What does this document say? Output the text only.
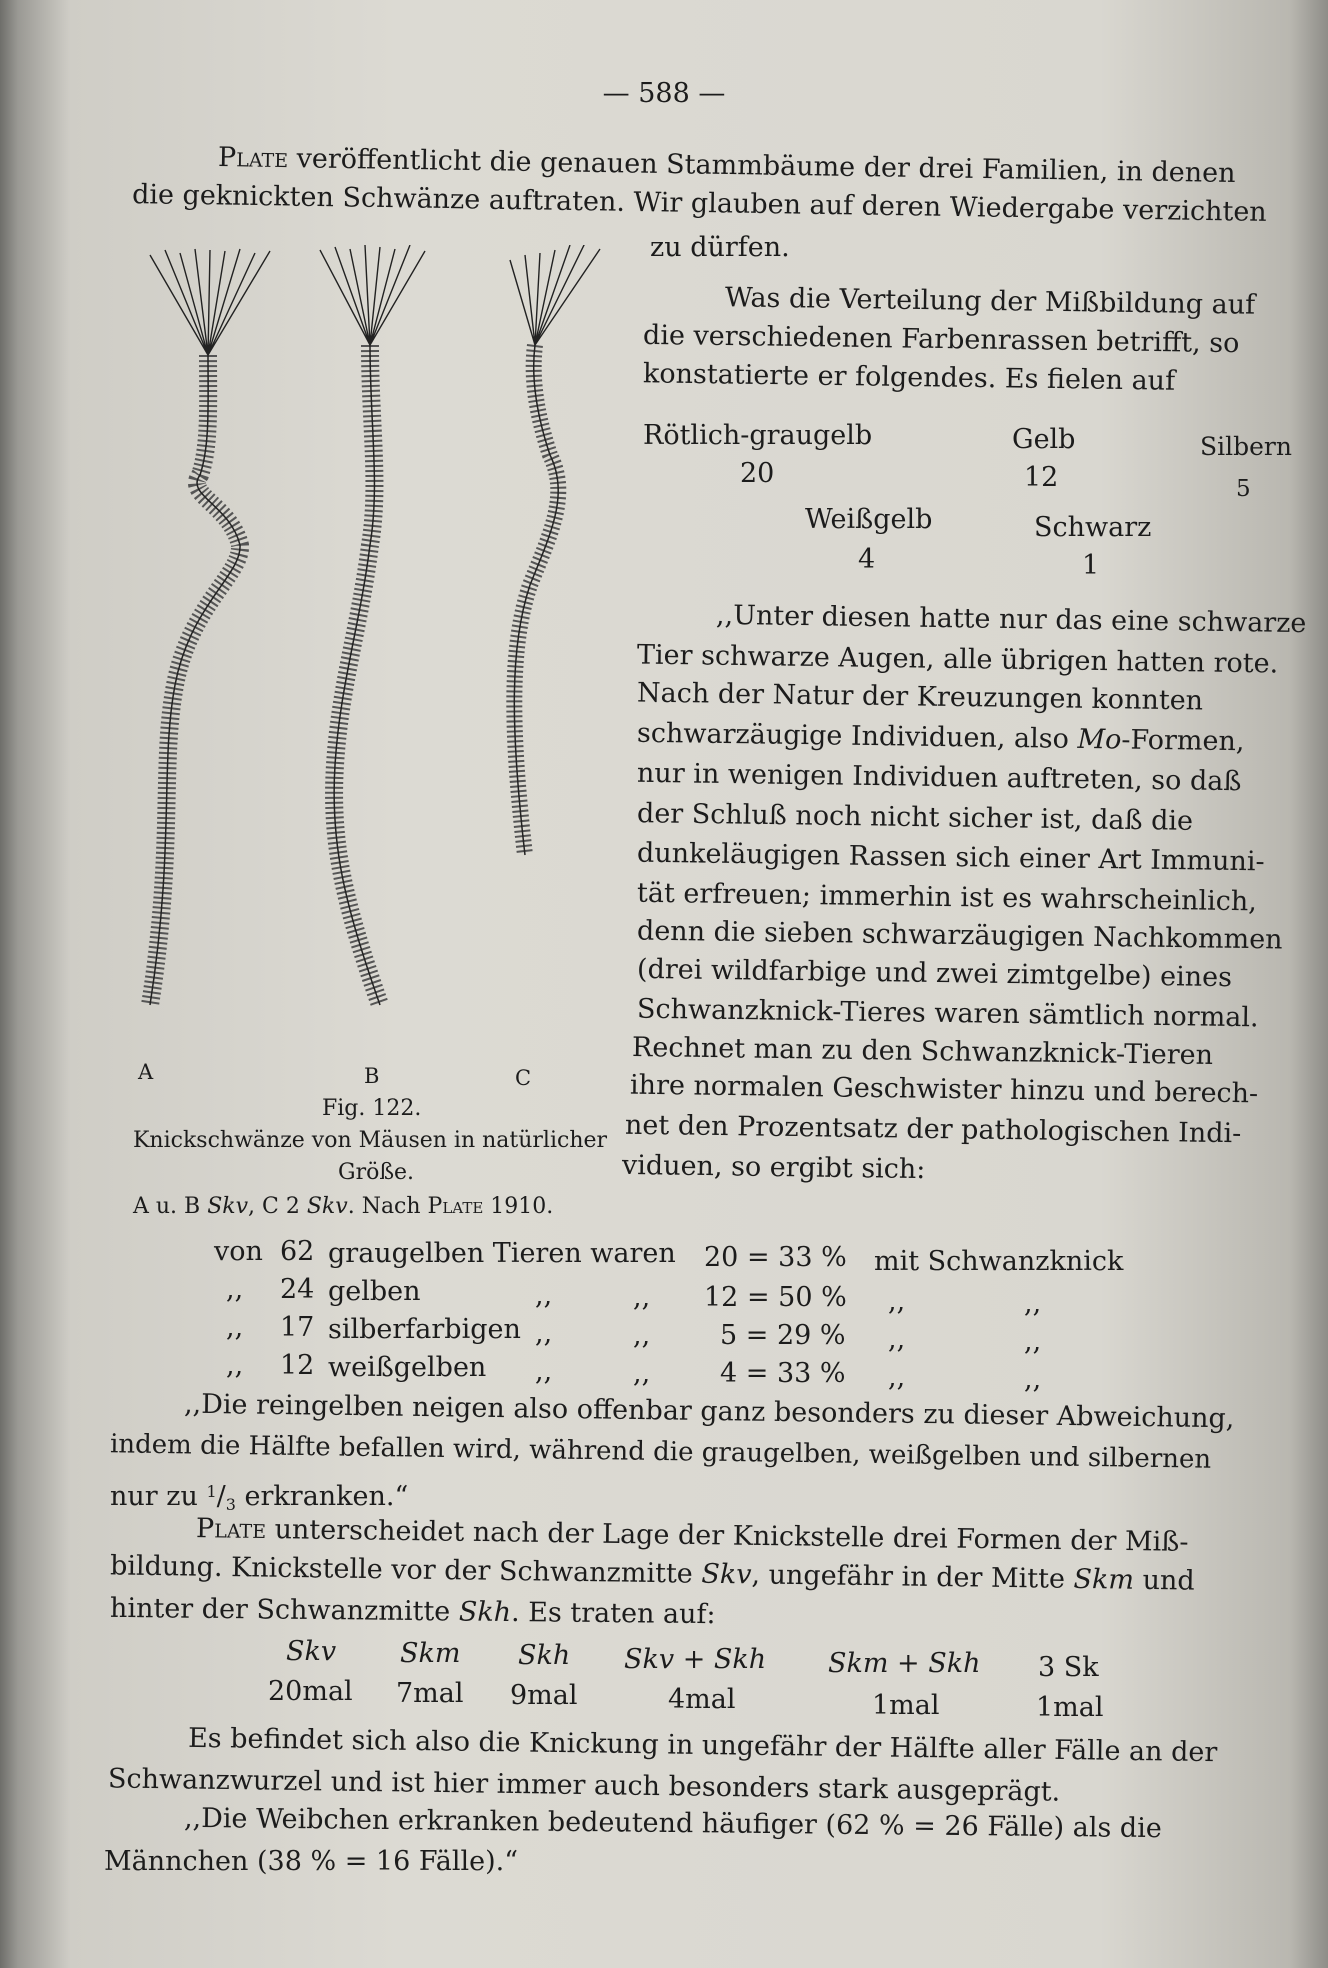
— 588 —
Plate veröffentlicht die genauen Stammbäume der drei Familien, in denen
die geknickten Schwänze auftraten. Wir glauben auf deren Wiedergabe verzichten
zu dürfen.
Was die Verteilung der Mißbildung auf
die verschiedenen Farbenrassen betrifft, so
konstatierte er folgendes. Es fielen auf
Rötlich-graugelb
20
Gelb
12
Silbern
5
Weißgelb
4
Schwarz
1
,,Unter diesen hatte nur das eine schwarze
Tier schwarze Augen, alle übrigen hatten rote.
Nach der Natur der Kreuzungen konnten
schwarzäugige Individuen, also Mo-Formen,
nur in wenigen Individuen auftreten, so daß
der Schluß noch nicht sicher ist, daß die
dunkeläugigen Rassen sich einer Art Immuni-
tät erfreuen; immerhin ist es wahrscheinlich,
denn die sieben schwarzäugigen Nachkommen
(drei wildfarbige und zwei zimtgelbe) eines
Schwanzknick-Tieres waren sämtlich normal.
Rechnet man zu den Schwanzknick-Tieren
ihre normalen Geschwister hinzu und berech-
net den Prozentsatz der pathologischen Indi-
viduen, so ergibt sich:
A	B	C
Fig. 122.
Knickschwänze von Mäusen in natürlicher
Größe.
A u. B Skv, C 2 Skv. Nach Plate 1910.
von 62 graugelben Tieren waren 20 = 33 % mit Schwanzknick
,, 24 gelben	,,	,, 12 = 50 % ,,	,,
,, 17 silberfarbigen ,,	,,	5 = 29 % ,,	,,
,, 12 weißgelben ,,	,,	4 = 33 % ,,	,,
,,Die reingelben neigen also offenbar ganz besonders zu dieser Abweichung,
indem die Hälfte befallen wird, während die graugelben, weißgelben und silbernen
nur zu $^1/_3$ erkranken.“
Plate unterscheidet nach der Lage der Knickstelle drei Formen der Miß-
bildung. Knickstelle vor der Schwanzmitte Skv, ungefähr in der Mitte Skm und
hinter der Schwanzmitte Skh. Es traten auf:
Skv
20mal
Skm
7mal
Skh
9mal
Skv + Skh
4mal
Skm + Skh
1mal
3 Sk
1mal
Es befindet sich also die Knickung in ungefähr der Hälfte aller Fälle an der
Schwanzwurzel und ist hier immer auch besonders stark ausgeprägt.
,,Die Weibchen erkranken bedeutend häufiger (62 % = 26 Fälle) als die
Männchen (38 % = 16 Fälle).“
